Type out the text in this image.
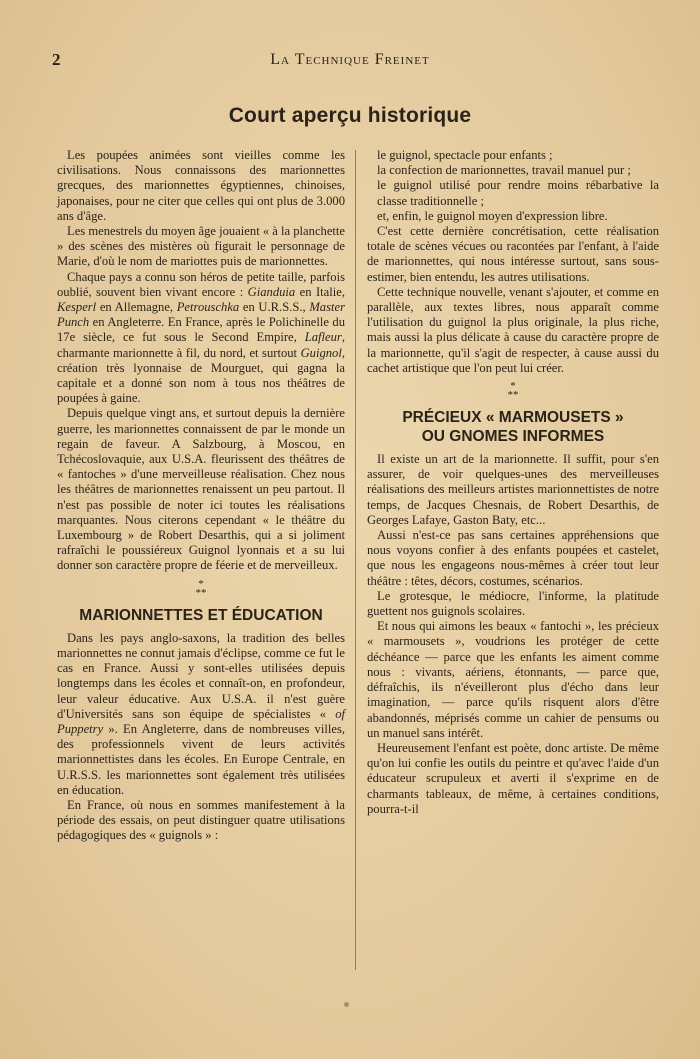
2	La Technique Freinet
Court aperçu historique

Les poupées animées sont vieilles comme les civilisations. Nous connaissons des marionnettes grecques, des marionnettes égyptiennes, chinoises, japonaises, pour ne citer que celles qui ont plus de 3.000 ans d'âge.

Les menestrels du moyen âge jouaient « à la planchette » des scènes des mistères où figurait le personnage de Marie, d'où le nom de mariottes puis de marionnettes.

Chaque pays a connu son héros de petite taille, parfois oublié, souvent bien vivant encore : Gianduia en Italie, Kesperl en Allemagne, Petrouschka en U.R.S.S., Master Punch en Angleterre. En France, après le Polichinelle du 17e siècle, ce fut sous le Second Empire, Lafleur, charmante marionnette à fil, du nord, et surtout Guignol, création très lyonnaise de Mourguet, qui gagna la capitale et a donné son nom à tous nos théâtres de poupées à gaine.

Depuis quelque vingt ans, et surtout depuis la dernière guerre, les marionnettes connaissent de par le monde un regain de faveur. A Salzbourg, à Moscou, en Tchécoslovaquie, aux U.S.A. fleurissent des théâtres de « fantoches » d'une merveilleuse réalisation. Chez nous les théâtres de marionnettes renaissent un peu partout. Il n'est pas possible de noter ici toutes les réalisations marquantes. Nous citerons cependant « le théâtre du Luxembourg » de Robert Desarthis, qui a si joliment rafraîchi le poussiéreux Guignol lyonnais et a su lui donner son caractère propre de féerie et de merveilleux.

*
**
MARIONNETTES ET ÉDUCATION

Dans les pays anglo-saxons, la tradition des belles marionnettes ne connut jamais d'éclipse, comme ce fut le cas en France. Aussi y sont-elles utilisées depuis longtemps dans les écoles et connaît-on, en profondeur, leur valeur éducative. Aux U.S.A. il n'est guère d'Universités sans son équipe de spécialistes « of Puppetry ». En Angleterre, dans de nombreuses villes, des professionnels vivent de leurs activités marionnettistes dans les écoles. En Europe Centrale, en U.R.S.S. les marionnettes sont également très utilisées en éducation.

En France, où nous en sommes manifestement à la période des essais, on peut distinguer quatre utilisations pédagogiques des « guignols » :

le guignol, spectacle pour enfants ;

la confection de marionnettes, travail manuel pur ;

le guignol utilisé pour rendre moins rébarbative la classe traditionnelle ;

et, enfin, le guignol moyen d'expression libre.

C'est cette dernière concrétisation, cette réalisation totale de scènes vécues ou racontées par l'enfant, à l'aide de marionnettes, qui nous intéresse surtout, sans sous-estimer, bien entendu, les autres utilisations.

Cette technique nouvelle, venant s'ajouter, et comme en parallèle, aux textes libres, nous apparaît comme l'utilisation du guignol la plus originale, la plus riche, mais aussi la plus délicate à cause du caractère propre de la marionnette, qu'il s'agit de respecter, à cause aussi du cachet artistique que l'on peut lui créer.

*
**
PRÉCIEUX « MARMOUSETS »
OU GNOMES INFORMES

Il existe un art de la marionnette. Il suffit, pour s'en assurer, de voir quelques-unes des merveilleuses réalisations des meilleurs artistes marionnettistes de notre temps, de Jacques Chesnais, de Robert Desarthis, de Georges Lafaye, Gaston Baty, etc...

Aussi n'est-ce pas sans certaines appréhensions que nous voyons confier à des enfants poupées et castelet, que nous les engageons nous-mêmes à créer tout leur théâtre : têtes, décors, costumes, scénarios.

Le grotesque, le médiocre, l'informe, la platitude guettent nos guignols scolaires.

Et nous qui aimons les beaux « fantochi », les précieux « marmousets », voudrions les protéger de cette déchéance — parce que les enfants les aiment comme nous : vivants, aériens, étonnants, — parce que, défraîchis, ils n'éveilleront plus d'écho dans leur imagination, — parce qu'ils risquent alors d'être abandonnés, méprisés comme un cahier de pensums ou un manuel sans intérêt.

Heureusement l'enfant est poète, donc artiste. De même qu'on lui confie les outils du peintre et qu'avec l'aide d'un éducateur scrupuleux et averti il s'exprime en de charmants tableaux, de même, à certaines conditions, pourra-t-il
